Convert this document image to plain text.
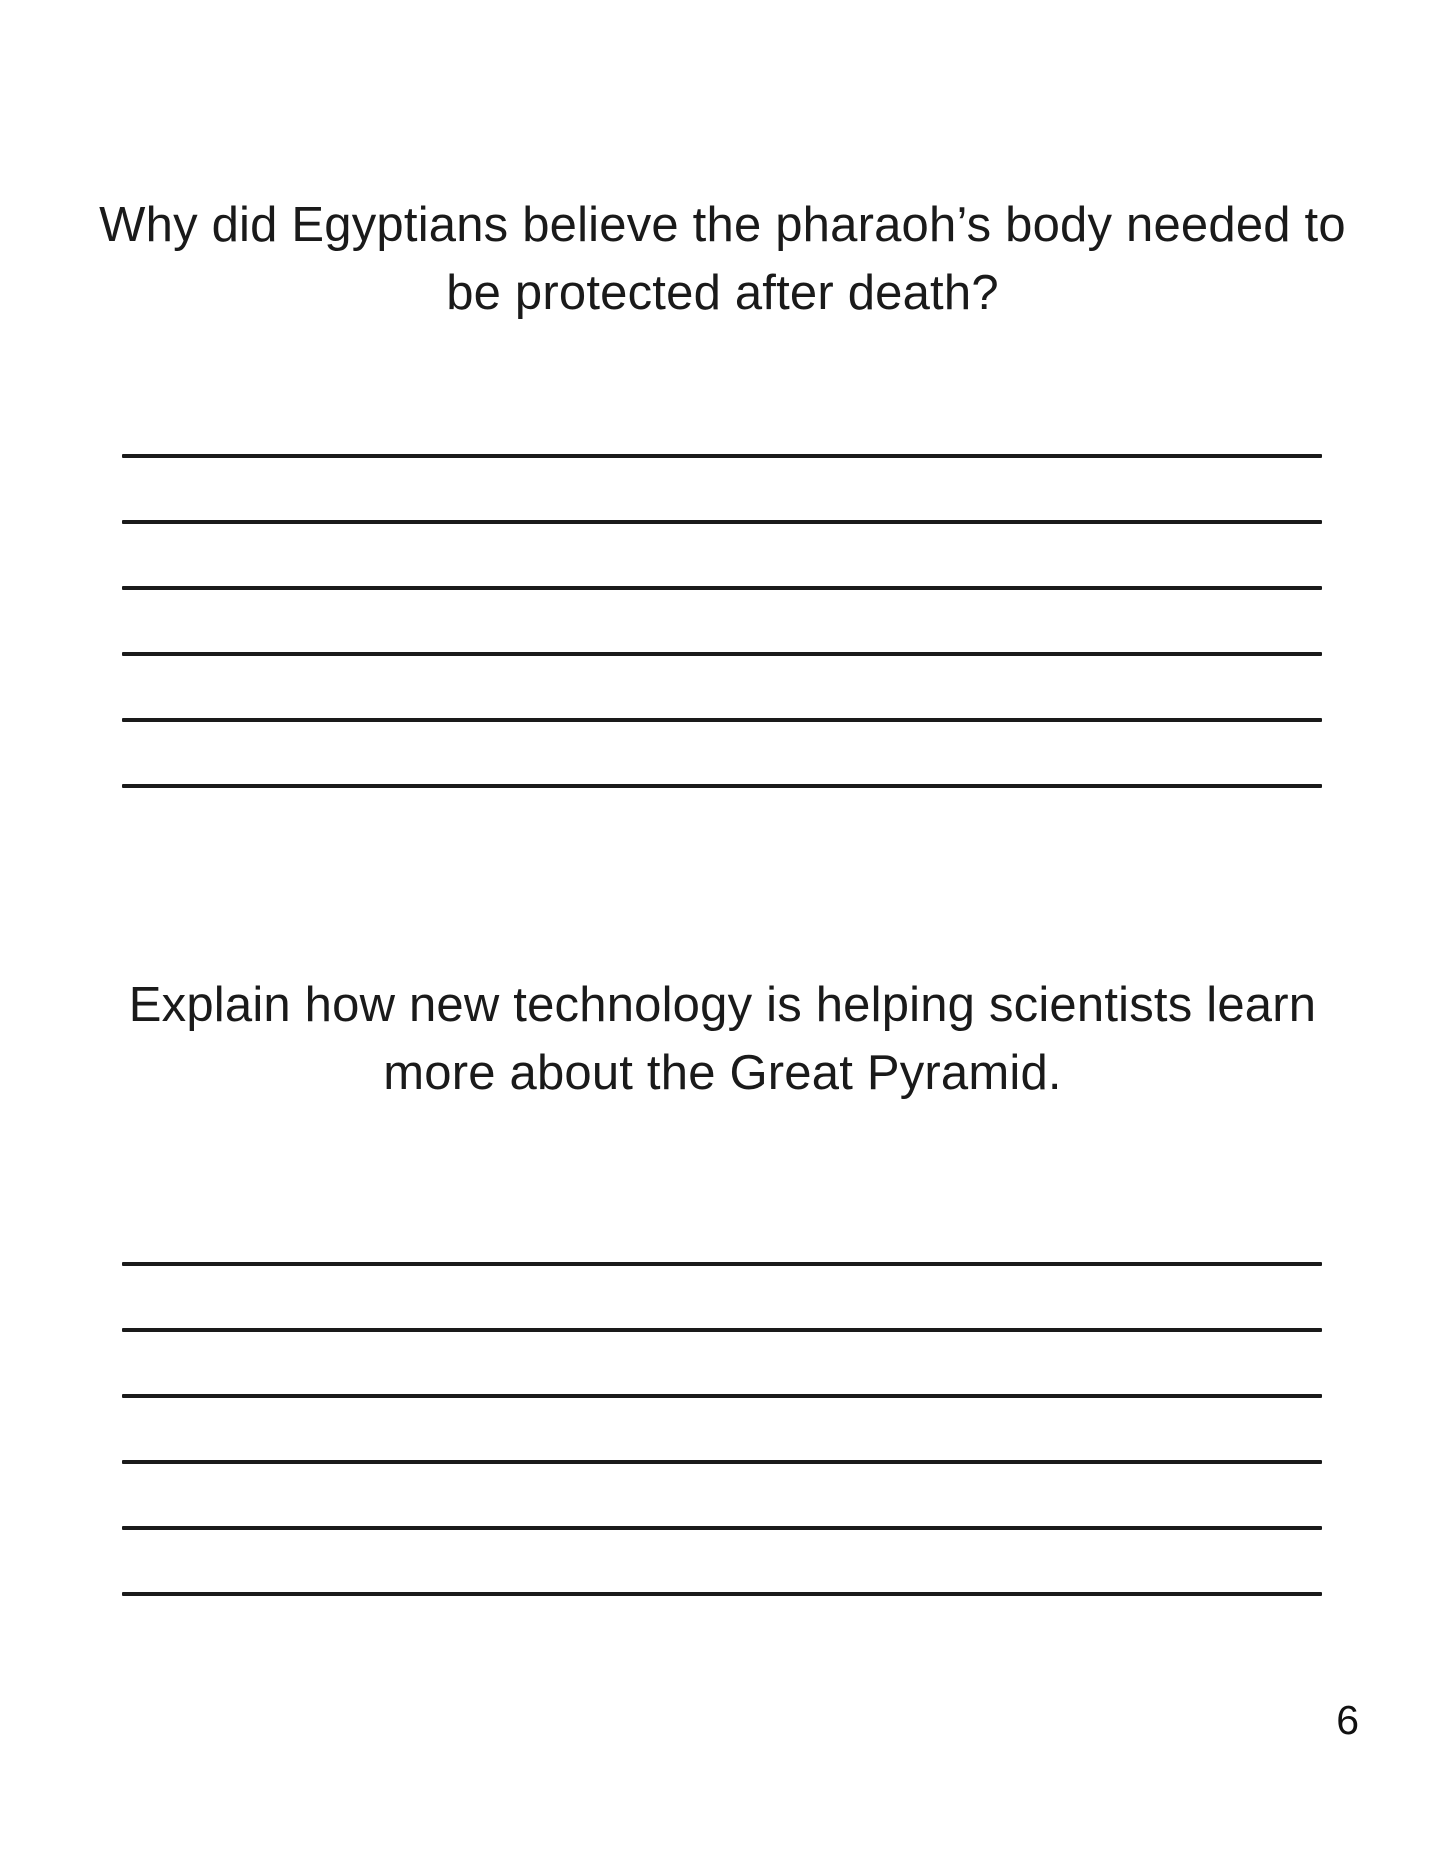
Why did Egyptians believe the pharaoh’s body needed to be protected after death?
Explain how new technology is helping scientists learn more about the Great Pyramid.
6
